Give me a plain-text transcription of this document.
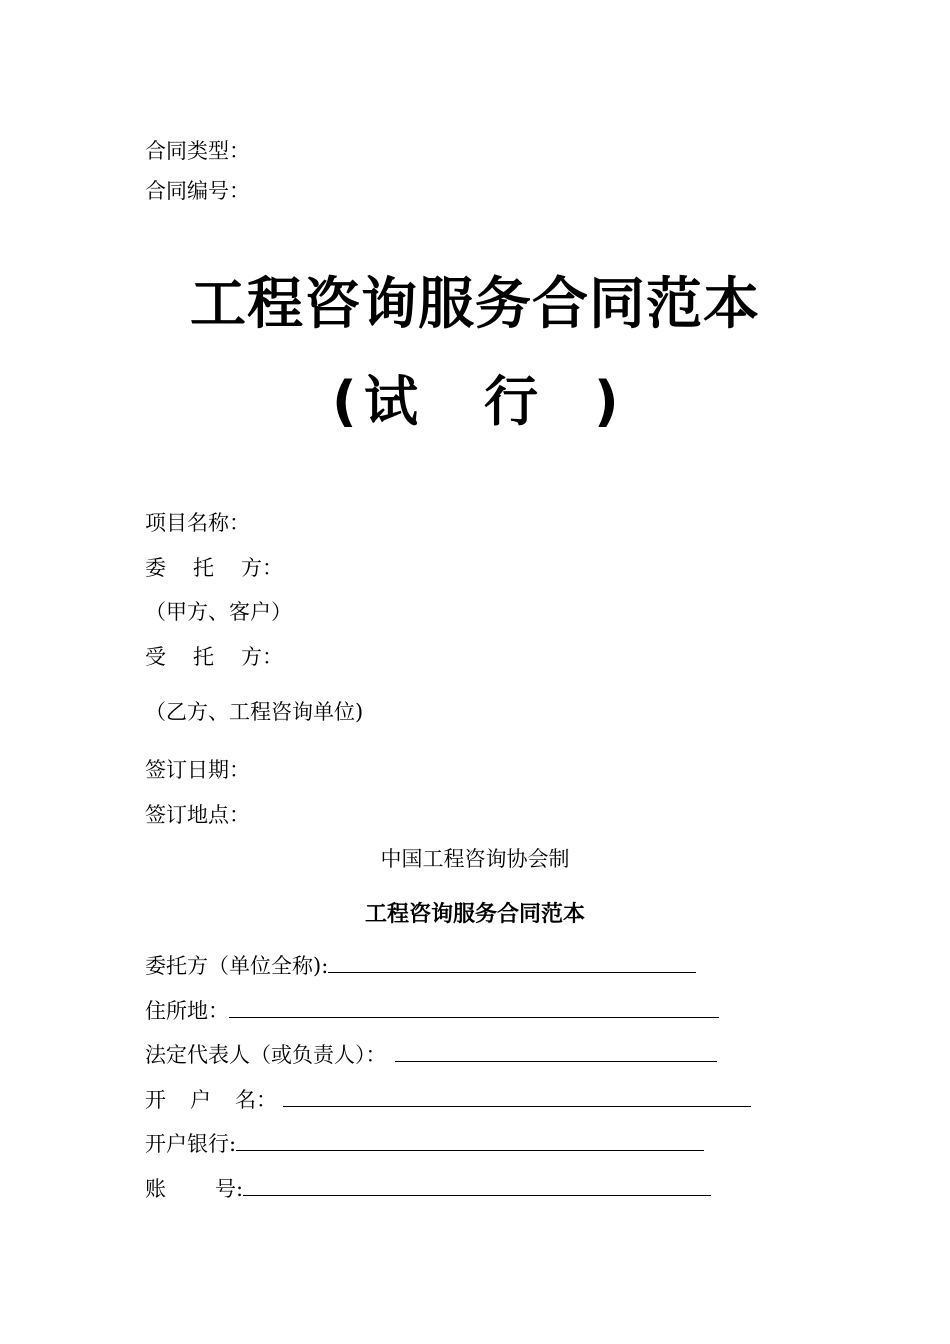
合同类型：
合同编号：
工程咨询服务合同范本
( 试 行 )
项目名称：
委 托 方：
（甲方、客户）
受 托 方：
（乙方、工程咨询单位)
签订日期：
签订地点：
中国工程咨询协会制
工程咨询服务合同范本
委托方（单位全称):
住所地：
法定代表人（或负责人）：
开 户 名：
开户银行:
账 号:
